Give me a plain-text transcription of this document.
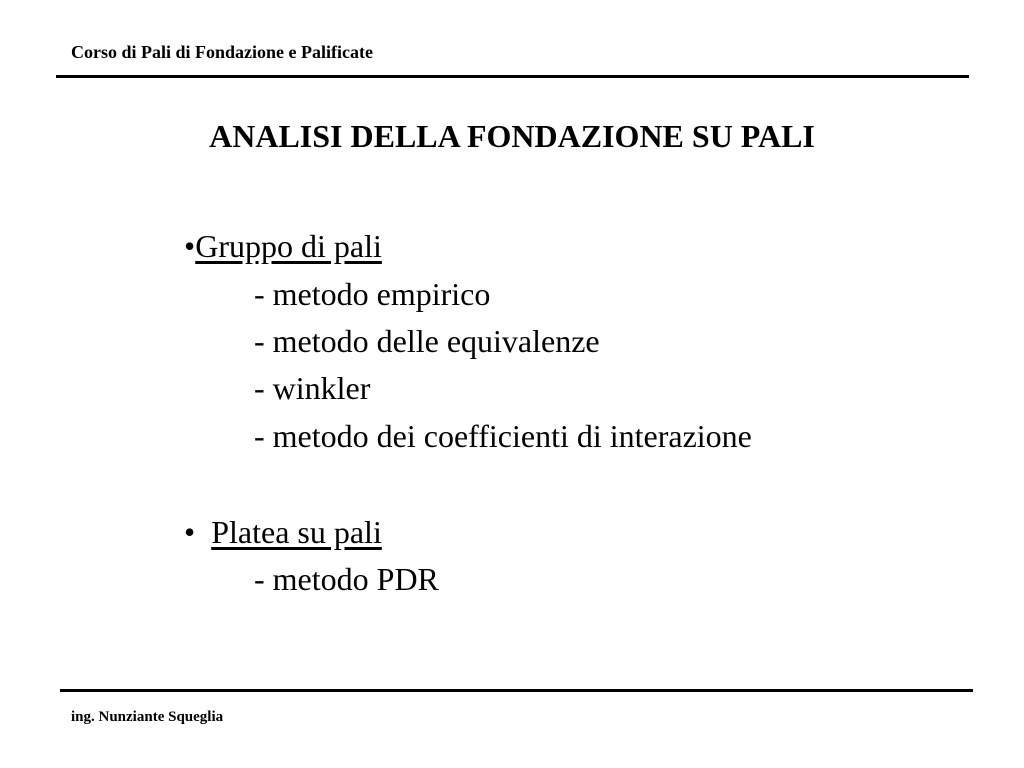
Corso di Pali di Fondazione e Palificate
ANALISI DELLA FONDAZIONE SU PALI
•Gruppo di pali
- metodo empirico
- metodo delle equivalenze
- winkler
- metodo dei coefficienti di interazione
• Platea su pali
- metodo PDR
ing. Nunziante Squeglia
